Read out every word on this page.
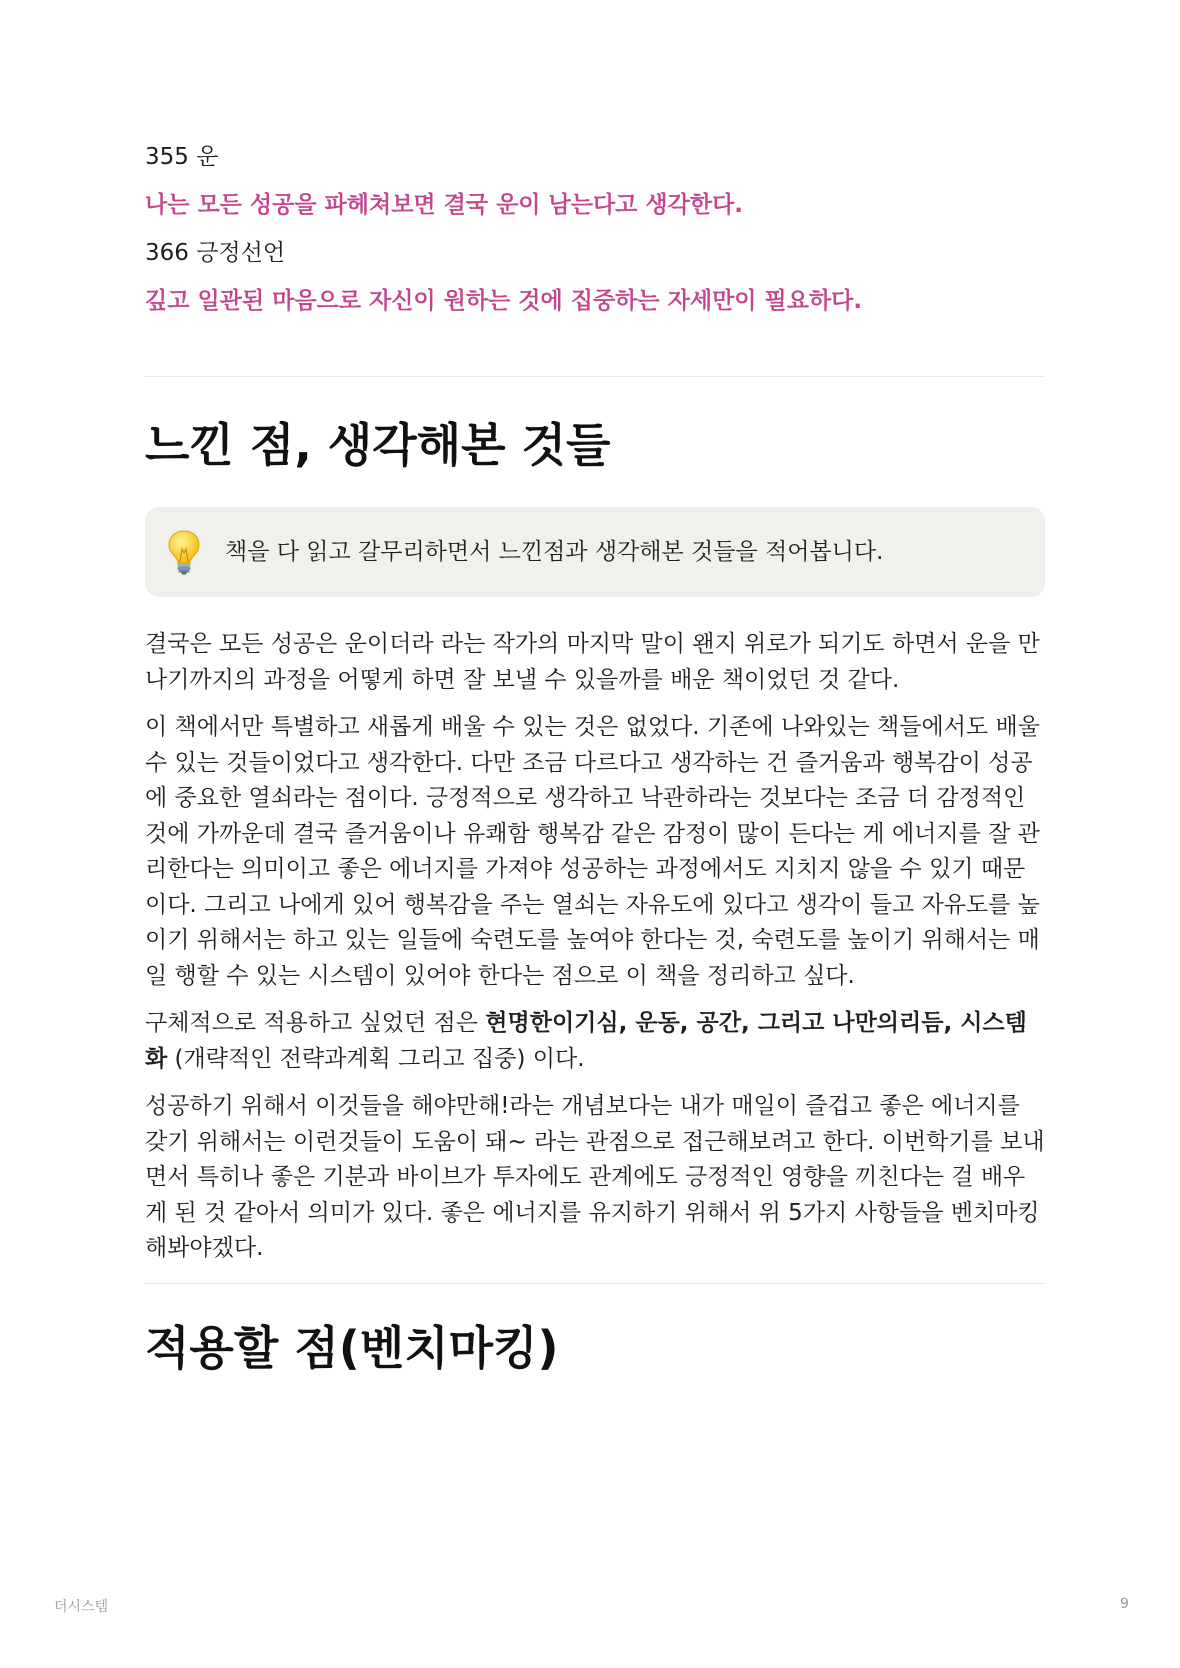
355 운
나는 모든 성공을 파헤쳐보면 결국 운이 남는다고 생각한다.
366 긍정선언
깊고 일관된 마음으로 자신이 원하는 것에 집중하는 자세만이 필요하다.
느낀 점, 생각해본 것들
책을 다 읽고 갈무리하면서 느낀점과 생각해본 것들을 적어봅니다.

결국은 모든 성공은 운이더라 라는 작가의 마지막 말이 왠지 위로가 되기도 하면서 운을 만나기까지의 과정을 어떻게 하면 잘 보낼 수 있을까를 배운 책이었던 것 같다.

이 책에서만 특별하고 새롭게 배울 수 있는 것은 없었다. 기존에 나와있는 책들에서도 배울 수 있는 것들이었다고 생각한다. 다만 조금 다르다고 생각하는 건 즐거움과 행복감이 성공에 중요한 열쇠라는 점이다. 긍정적으로 생각하고 낙관하라는 것보다는 조금 더 감정적인 것에 가까운데 결국 즐거움이나 유쾌함 행복감 같은 감정이 많이 든다는 게 에너지를 잘 관리한다는 의미이고 좋은 에너지를 가져야 성공하는 과정에서도 지치지 않을 수 있기 때문이다. 그리고 나에게 있어 행복감을 주는 열쇠는 자유도에 있다고 생각이 들고 자유도를 높이기 위해서는 하고 있는 일들에 숙련도를 높여야 한다는 것, 숙련도를 높이기 위해서는 매일 행할 수 있는 시스템이 있어야 한다는 점으로 이 책을 정리하고 싶다.

구체적으로 적용하고 싶었던 점은 현명한이기심, 운동, 공간, 그리고 나만의리듬, 시스템화 (개략적인 전략과계획 그리고 집중) 이다.

성공하기 위해서 이것들을 해야만해!라는 개념보다는 내가 매일이 즐겁고 좋은 에너지를 갖기 위해서는 이런것들이 도움이 돼~ 라는 관점으로 접근해보려고 한다. 이번학기를 보내면서 특히나 좋은 기분과 바이브가 투자에도 관계에도 긍정적인 영향을 끼친다는 걸 배우게 된 것 같아서 의미가 있다. 좋은 에너지를 유지하기 위해서 위 5가지 사항들을 벤치마킹해봐야겠다.

적용할 점(벤치마킹)
더시스템	9
